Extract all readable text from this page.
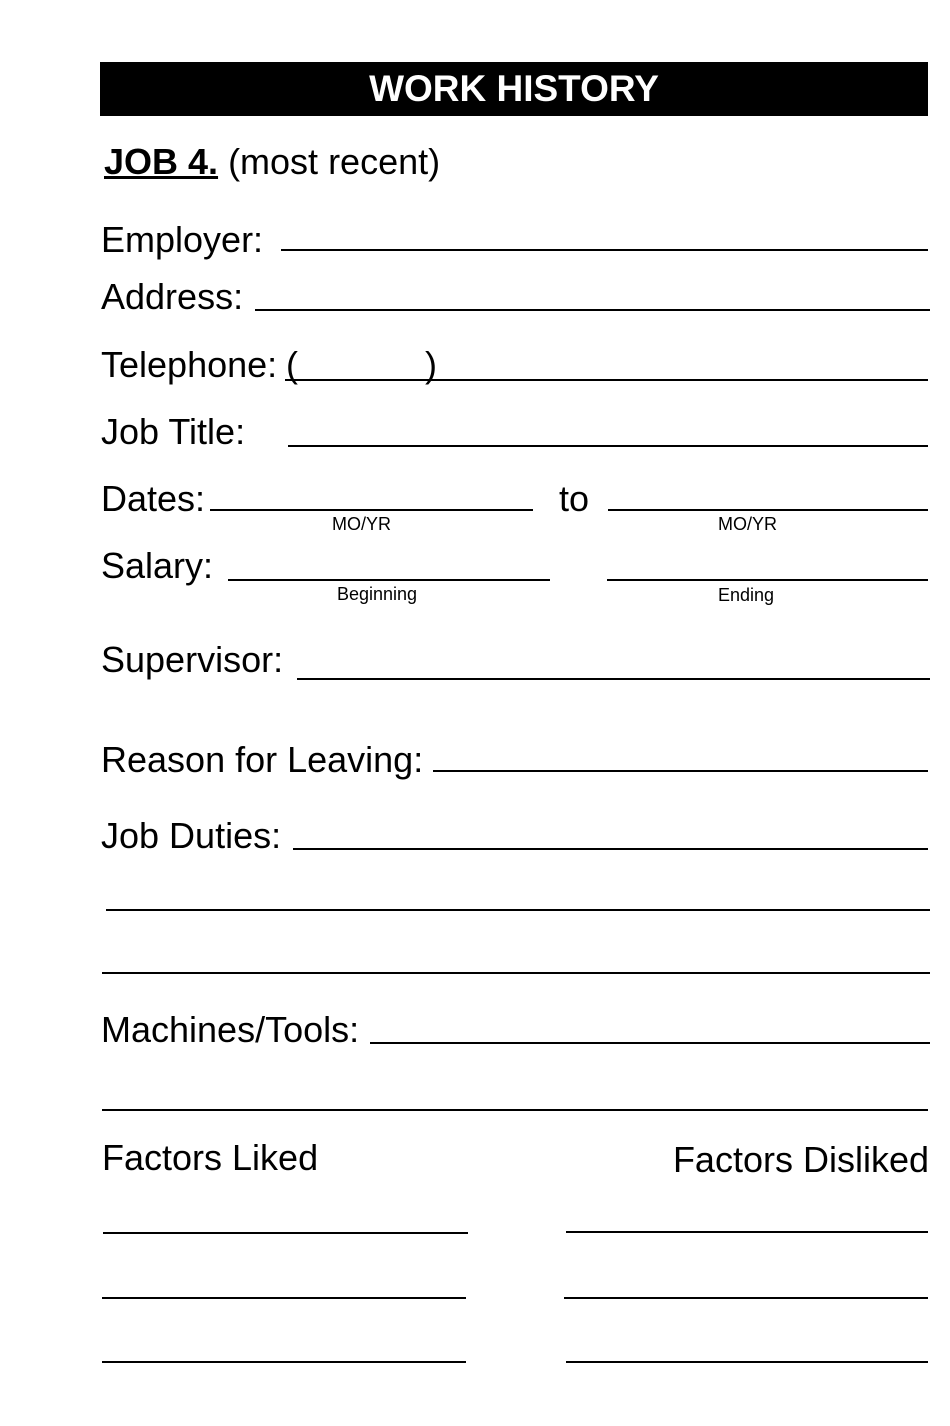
WORK HISTORY
JOB 4. (most recent)
Employer:
Address:
Telephone: (	)
Job Title:
Dates:
MO/YR
to
MO/YR
Salary:
Beginning	Ending
Supervisor:
Reason for Leaving:
Job Duties:
Machines/Tools:
Factors Liked	Factors Disliked
